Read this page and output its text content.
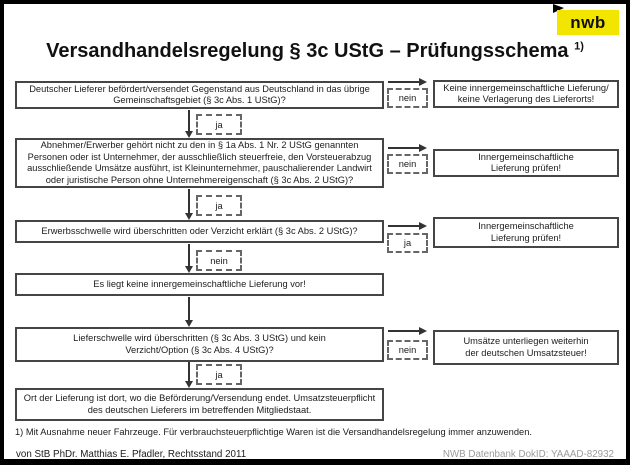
nwb
Versandhandelsregelung § 3c UStG – Prüfungsschema $^{1)}$
Deutscher Lieferer befördert/versendet Gegenstand aus Deutschland in das übrige Gemeinschaftsgebiet (§ 3c Abs. 1 UStG)?
Abnehmer/Erwerber gehört nicht zu den in § 1a Abs. 1 Nr. 2 UStG genannten Personen oder ist Unternehmer, der ausschließlich steuerfreie, den Vorsteuerabzug ausschließende Umsätze ausführt, ist Kleinunternehmer, pauschalierender Landwirt oder juristische Person ohne Unternehmereigenschaft (§ 3c Abs. 2 UStG)?
Erwerbsschwelle wird überschritten oder Verzicht erklärt (§ 3c Abs. 2 UStG)?
Es liegt keine innergemeinschaftliche Lieferung vor!
Lieferschwelle wird überschritten (§ 3c Abs. 3 UStG) und kein Verzicht/Option (§ 3c Abs. 4 UStG)?
Ort der Lieferung ist dort, wo die Beförderung/Versendung endet. Umsatzsteuerpflicht des deutschen Lieferers im betreffenden Mitgliedstaat.
ja
ja
nein
ja
nein
nein
ja
nein
Keine innergemeinschaftliche Lieferung/ keine Verlagerung des Lieferorts!
Innergemeinschaftliche Lieferung prüfen!
Innergemeinschaftliche Lieferung prüfen!
Umsätze unterliegen weiterhin der deutschen Umsatzsteuer!
1) Mit Ausnahme neuer Fahrzeuge. Für verbrauchsteuerpflichtige Waren ist die Versandhandelsregelung immer anzuwenden.
von StB PhDr. Matthias E. Pfadler, Rechtsstand 2011	NWB Datenbank DokID: YAAAD-82932
